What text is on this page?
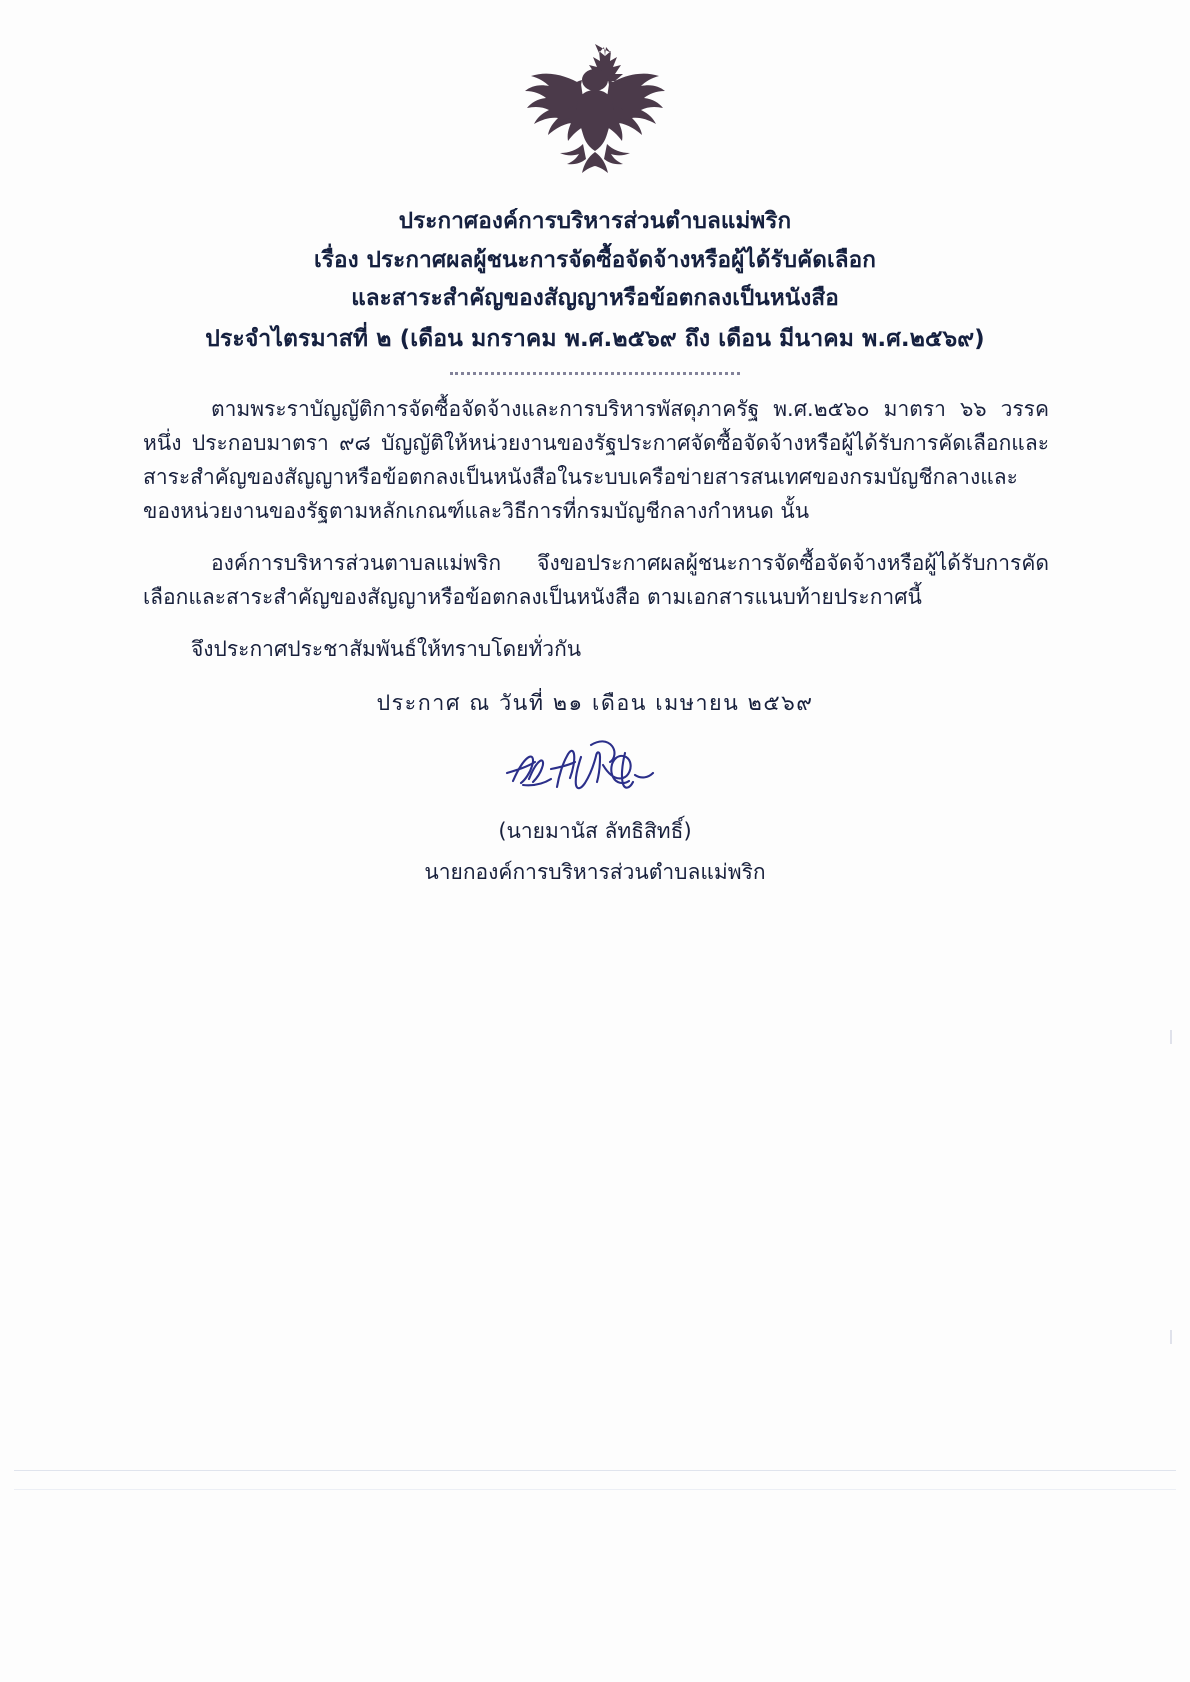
ประกาศองค์การบริหารส่วนตำบลแม่พริก
เรื่อง ประกาศผลผู้ชนะการจัดซื้อจัดจ้างหรือผู้ได้รับคัดเลือก
และสาระสำคัญของสัญญาหรือข้อตกลงเป็นหนังสือ
ประจำไตรมาสที่ ๒ (เดือน มกราคม พ.ศ.๒๕๖๙ ถึง เดือน มีนาคม พ.ศ.๒๕๖๙)

ตามพระราบัญญัติการจัดซื้อจัดจ้างและการบริหารพัสดุภาครัฐ พ.ศ.๒๕๖๐ มาตรา ๖๖ วรรคหนึ่ง ประกอบมาตรา ๙๘ บัญญัติให้หน่วยงานของรัฐประกาศจัดซื้อจัดจ้างหรือผู้ได้รับการคัดเลือกและสาระสำคัญของสัญญาหรือข้อตกลงเป็นหนังสือในระบบเครือข่ายสารสนเทศของกรมบัญชีกลางและของหน่วยงานของรัฐตามหลักเกณฑ์และวิธีการที่กรมบัญชีกลางกำหนด นั้น

องค์การบริหารส่วนตาบลแม่พริก จึงขอประกาศผลผู้ชนะการจัดซื้อจัดจ้างหรือผู้ได้รับการคัดเลือกและสาระสำคัญของสัญญาหรือข้อตกลงเป็นหนังสือ ตามเอกสารแนบท้ายประกาศนี้

จึงประกาศประชาสัมพันธ์ให้ทราบโดยทั่วกัน

ประกาศ ณ วันที่ ๒๑ เดือน เมษายน ๒๕๖๙
(นายมานัส ลัทธิสิทธิ์)
นายกองค์การบริหารส่วนตำบลแม่พริก
